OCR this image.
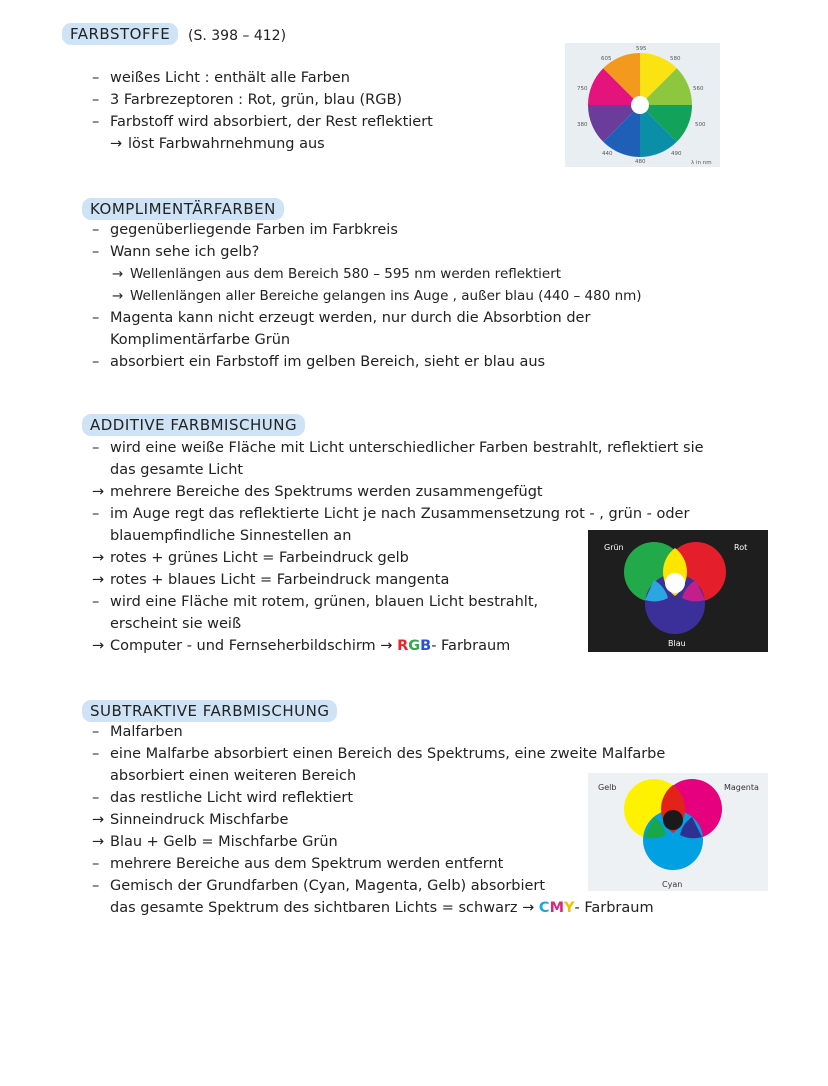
FARBSTOFFE	(S. 398 – 412)
– weißes Licht : enthält alle Farben
– 3 Farbrezeptoren : Rot, grün, blau (RGB)
– Farbstoff wird absorbiert, der Rest reflektiert
→ löst Farbwahrnehmung aus
595
580
560
500
490
480
440
380
750
605
λ in nm
KOMPLIMENTÄRFARBEN
– gegenüberliegende Farben im Farbkreis
– Wann sehe ich gelb?
→ Wellenlängen aus dem Bereich 580 – 595 nm werden reflektiert
→ Wellenlängen aller Bereiche gelangen ins Auge , außer blau (440 – 480 nm)
– Magenta kann nicht erzeugt werden, nur durch die Absorbtion der
Komplimentärfarbe Grün
– absorbiert ein Farbstoff im gelben Bereich, sieht er blau aus
ADDITIVE FARBMISCHUNG
– wird eine weiße Fläche mit Licht unterschiedlicher Farben bestrahlt, reflektiert sie
das gesamte Licht
→ mehrere Bereiche des Spektrums werden zusammengefügt
– im Auge regt das reflektierte Licht je nach Zusammensetzung rot - , grün - oder
blauempfindliche Sinnestellen an
→ rotes + grünes Licht = Farbeindruck gelb
→ rotes + blaues Licht = Farbeindruck mangenta
– wird eine Fläche mit rotem, grünen, blauen Licht bestrahlt,
erscheint sie weiß
→ Computer - und Fernseherbildschirm → RGB- Farbraum
Grün	Rot
Blau
SUBTRAKTIVE FARBMISCHUNG
– Malfarben
– eine Malfarbe absorbiert einen Bereich des Spektrums, eine zweite Malfarbe
absorbiert einen weiteren Bereich
– das restliche Licht wird reflektiert
→ Sinneindruck Mischfarbe
→ Blau + Gelb = Mischfarbe Grün
– mehrere Bereiche aus dem Spektrum werden entfernt
– Gemisch der Grundfarben (Cyan, Magenta, Gelb) absorbiert
das gesamte Spektrum des sichtbaren Lichts = schwarz → CMY- Farbraum
Gelb	Magenta
Cyan
